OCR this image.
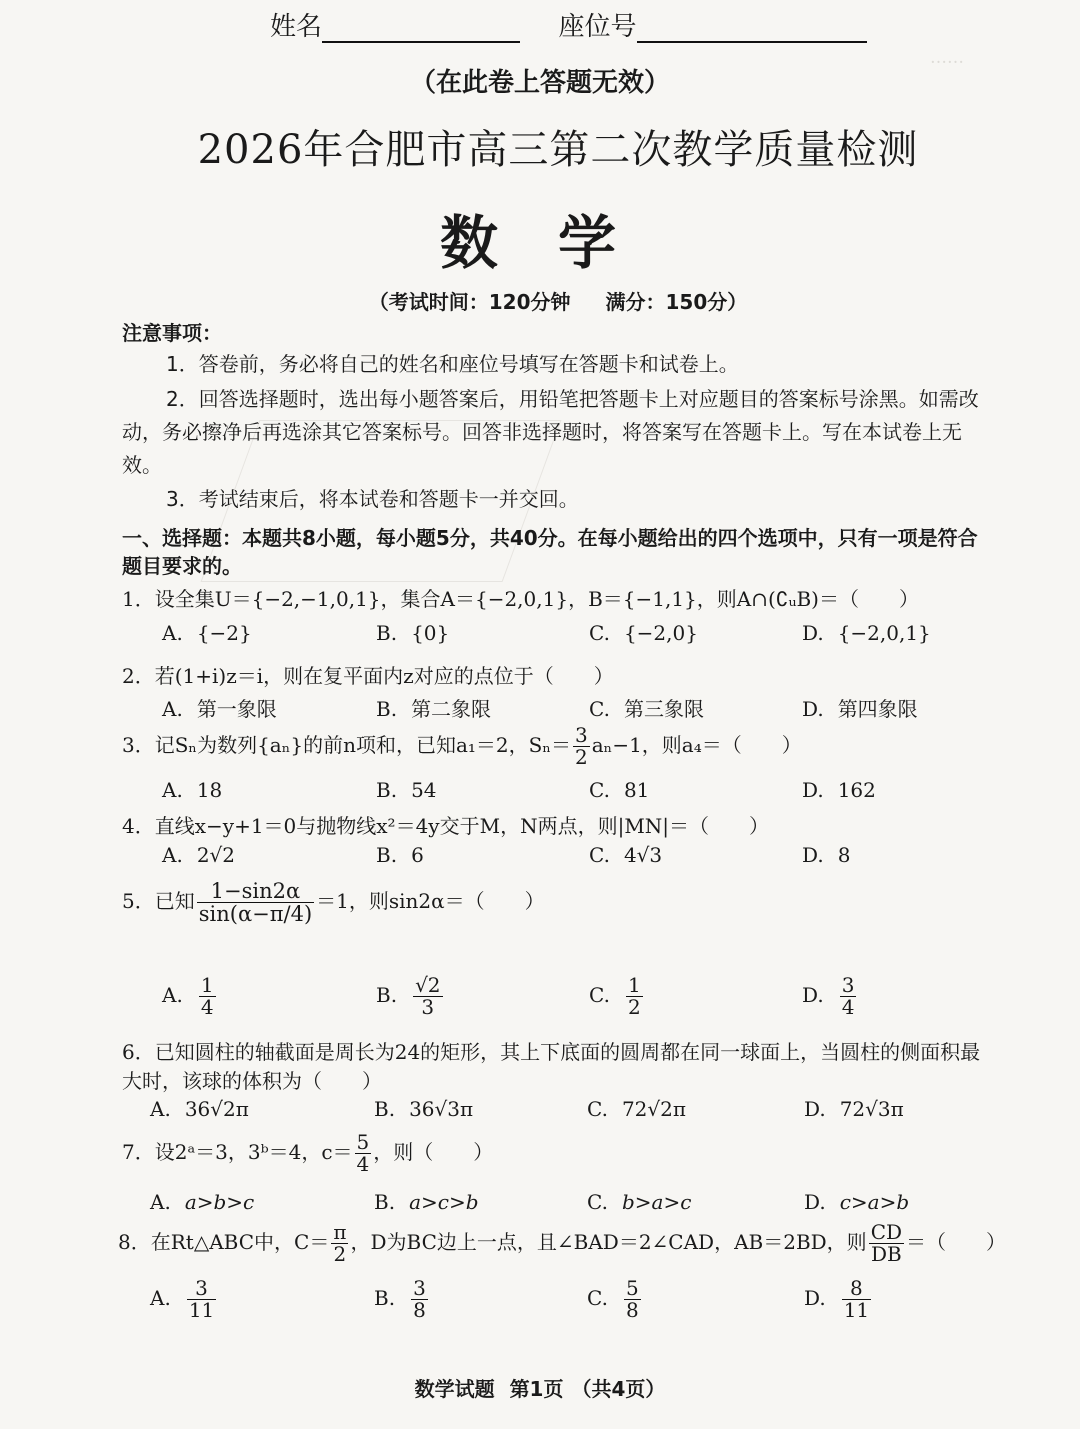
……
姓名	座位号
（在此卷上答题无效）
2026年合肥市高三第二次教学质量检测
数学
（考试时间：120分钟 满分：150分）
注意事项：
1．答卷前，务必将自己的姓名和座位号填写在答题卡和试卷上。
2．回答选择题时，选出每小题答案后，用铅笔把答题卡上对应题目的答案标号涂黑。如需改动，务必擦净后再选涂其它答案标号。回答非选择题时，将答案写在答题卡上。写在本试卷上无效。
3．考试结束后，将本试卷和答题卡一并交回。
一、选择题：本题共8小题，每小题5分，共40分。在每小题给出的四个选项中，只有一项是符合题目要求的。
1．设全集U＝{−2,−1,0,1}，集合A＝{−2,0,1}，B＝{−1,1}，则A∩(∁ᵤB)＝（　　）
A. {−2}	B. {0}	C. {−2,0}	D. {−2,0,1}
2．若(1+i)z＝i，则在复平面内z对应的点位于（　　）
A. 第一象限	B. 第二象限	C. 第三象限	D. 第四象限
3．记Sₙ为数列{aₙ}的前n项和，已知a₁＝2，$S_n= \frac{3}{2} a_n-1$，则a₄＝（　　）
A. 18	B. 54	C. 81	D. 162
4．直线x−y+1＝0与抛物线x²＝4y交于M，N两点，则|MN|＝（　　）
A. 2√2	B. 6	C. 4√3	D. 8
5．已知 $\frac{1-\sin 2\alpha}{\sin(\alpha-\pi/4)} =1$，则sin2α＝（　　）
A. $\frac{1}{4}$	B. $\frac{√2}{3}$	C. $\frac{1}{2}$	D. $\frac{3}{4}$
6．已知圆柱的轴截面是周长为24的矩形，其上下底面的圆周都在同一球面上，当圆柱的侧面积最大时，该球的体积为（　　）
A. 36√2π	B. 36√3π	C. 72√2π	D. 72√3π
7．设2ᵃ＝3，3ᵇ＝4，$c= \frac{5}{4}$ ，则（　　）
A. a>b>c	B. a>c>b	C. b>a>c	D. c>a>b
8．在Rt△ABC中，$C= \frac{\pi}{2}$ ，D为BC边上一点，且∠BAD＝2∠CAD，AB＝2BD，则 $\frac{CD}{DB}$ ＝（　　）
A. $\frac{3}{11}$	B. $\frac{3}{8}$	C. $\frac{5}{8}$	D. $\frac{8}{11}$
数学试题 第1页 （共4页）
